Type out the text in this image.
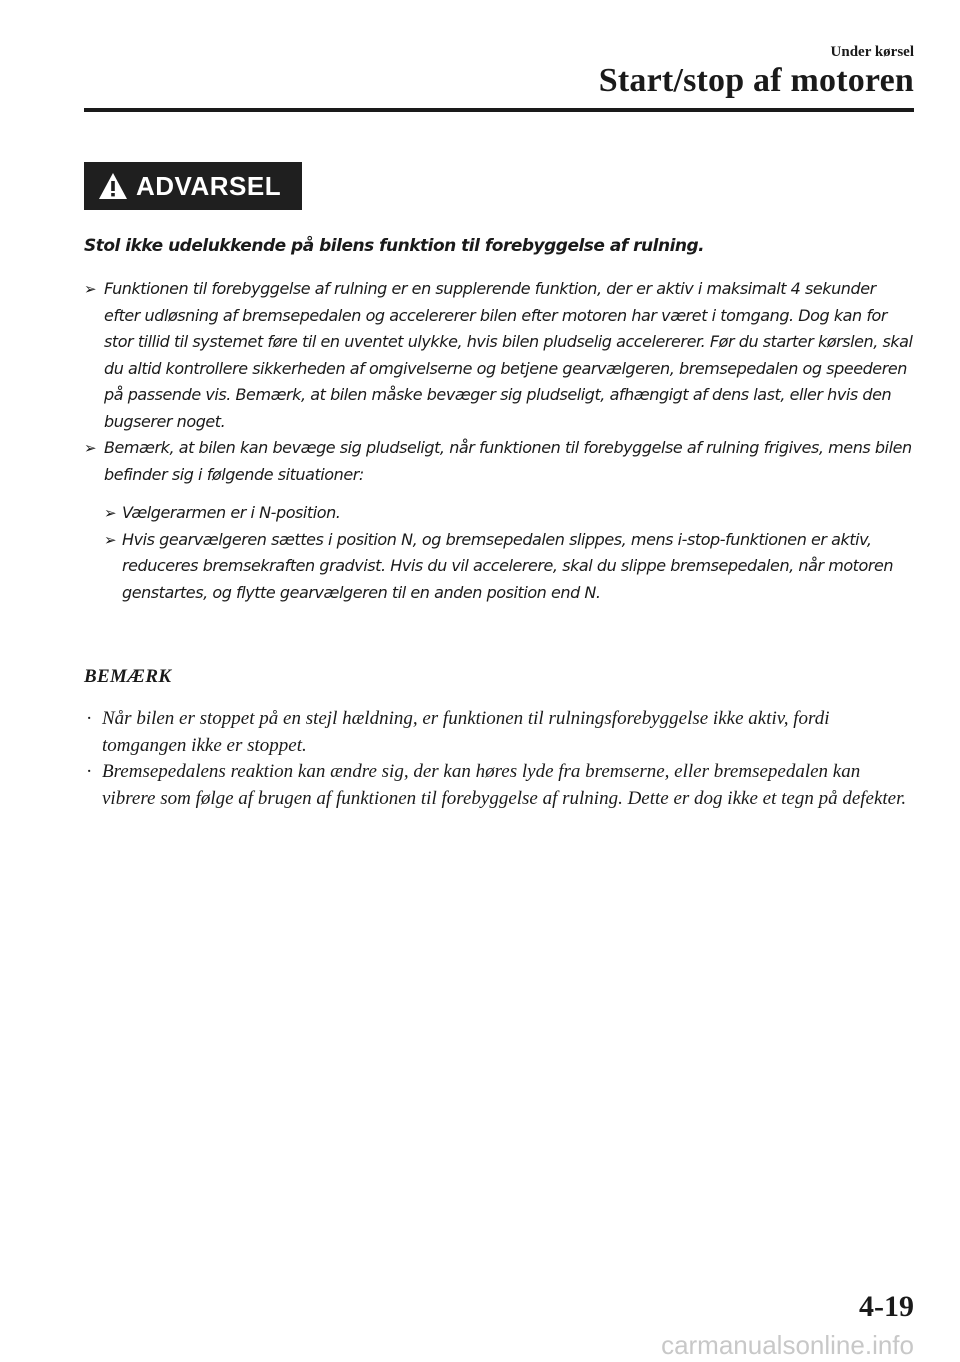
Under kørsel
Start/stop af motoren
ADVARSEL
Stol ikke udelukkende på bilens funktion til forebyggelse af rulning.

➢ Funktionen til forebyggelse af rulning er en supplerende funktion, der er aktiv i maksimalt 4 sekunder efter udløsning af bremsepedalen og accelererer bilen efter motoren har været i tomgang. Dog kan for stor tillid til systemet føre til en uventet ulykke, hvis bilen pludselig accelererer. Før du starter kørslen, skal du altid kontrollere sikkerheden af omgivelserne og betjene gearvælgeren, bremsepedalen og speederen på passende vis. Bemærk, at bilen måske bevæger sig pludseligt, afhængigt af dens last, eller hvis den bugserer noget.

➢ Bemærk, at bilen kan bevæge sig pludseligt, når funktionen til forebyggelse af rulning frigives, mens bilen befinder sig i følgende situationer:

➢ Vælgerarmen er i N-position.

➢ Hvis gearvælgeren sættes i position N, og bremsepedalen slippes, mens i-stop-funktionen er aktiv, reduceres bremsekraften gradvist. Hvis du vil accelerere, skal du slippe bremsepedalen, når motoren genstartes, og flytte gearvælgeren til en anden position end N.

BEMÆRK
· Når bilen er stoppet på en stejl hældning, er funktionen til rulningsforebyggelse ikke aktiv, fordi tomgangen ikke er stoppet.
· Bremsepedalens reaktion kan ændre sig, der kan høres lyde fra bremserne, eller bremsepedalen kan vibrere som følge af brugen af funktionen til forebyggelse af rulning. Dette er dog ikke et tegn på defekter.
4-19
carmanualsonline.info
